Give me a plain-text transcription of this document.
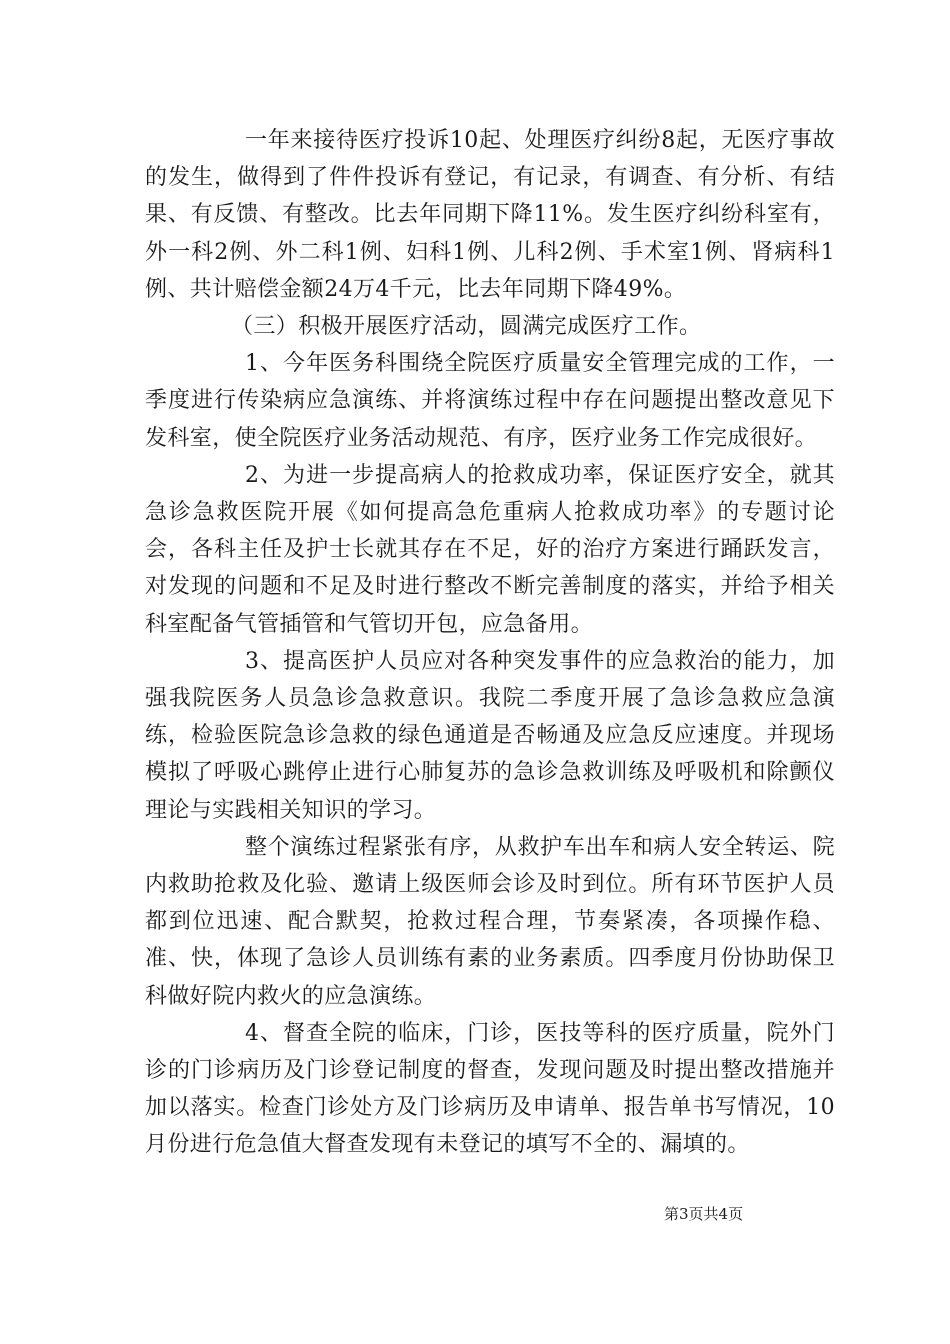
一年来接待医疗投诉10起、处理医疗纠纷8起，无医疗事故的发生，做得到了件件投诉有登记，有记录，有调查、有分析、有结果、有反馈、有整改。比去年同期下降11%。发生医疗纠纷科室有，外一科2例、外二科1例、妇科1例、儿科2例、手术室1例、肾病科1例、共计赔偿金额24万4千元，比去年同期下降49%。

（三）积极开展医疗活动，圆满完成医疗工作。

1、今年医务科围绕全院医疗质量安全管理完成的工作，一季度进行传染病应急演练、并将演练过程中存在问题提出整改意见下发科室，使全院医疗业务活动规范、有序，医疗业务工作完成很好。

2、为进一步提高病人的抢救成功率，保证医疗安全，就其急诊急救医院开展《如何提高急危重病人抢救成功率》的专题讨论会，各科主任及护士长就其存在不足，好的治疗方案进行踊跃发言，对发现的问题和不足及时进行整改不断完善制度的落实，并给予相关科室配备气管插管和气管切开包，应急备用。

3、提高医护人员应对各种突发事件的应急救治的能力，加强我院医务人员急诊急救意识。我院二季度开展了急诊急救应急演练，检验医院急诊急救的绿色通道是否畅通及应急反应速度。并现场模拟了呼吸心跳停止进行心肺复苏的急诊急救训练及呼吸机和除颤仪理论与实践相关知识的学习。

整个演练过程紧张有序，从救护车出车和病人安全转运、院内救助抢救及化验、邀请上级医师会诊及时到位。所有环节医护人员都到位迅速、配合默契，抢救过程合理，节奏紧凑，各项操作稳、准、快，体现了急诊人员训练有素的业务素质。四季度月份协助保卫科做好院内救火的应急演练。

4、督查全院的临床，门诊，医技等科的医疗质量，院外门诊的门诊病历及门诊登记制度的督查，发现问题及时提出整改措施并加以落实。检查门诊处方及门诊病历及申请单、报告单书写情况，10月份进行危急值大督查发现有未登记的填写不全的、漏填的。

第3页共4页
